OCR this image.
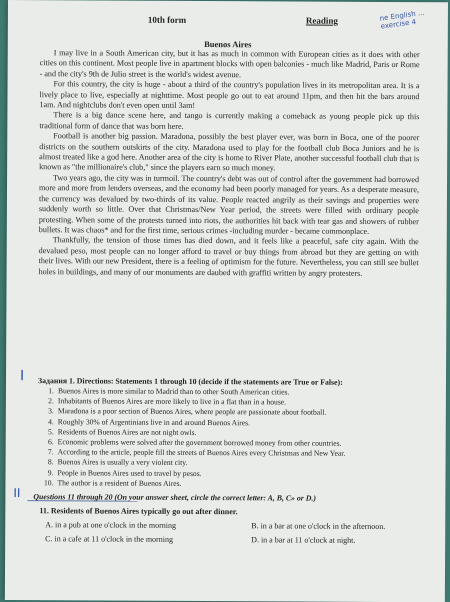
10th form	Reading	ne English ... exercise 4
Buenos Aires

I may live in a South American city, but it has as much in common with European cities as it does with other cities on this continent. Most people live in apartment blocks with open balconies - much like Madrid, Paris or Rome - and the city's 9th de Julio street is the world's widest avenue.

For this country, the city is huge - about a third of the country's population lives in its metropolitan area. It is a lively place to live, especially at nighttime. Most people go out to eat around 11pm, and then hit the bars around 1am. And nightclubs don't even open until 3am!

There is a big dance scene here, and tango is currently making a comeback as young people pick up this traditional form of dance that was born here.

Football is another big passion. Maradona, possibly the best player ever, was born in Boca, one of the poorer districts on the southern outskirts of the city. Maradona used to play for the football club Boca Juniors and he is almost treated like a god here. Another area of the city is home to River Plate, another successful football club that is known as "the millionaire's club," since the players earn so much money.

Two years ago, the city was in turmoil. The country's debt was out of control after the government had borrowed more and more from lenders overseas, and the economy had been poorly managed for years. As a desperate measure, the currency was devalued by two-thirds of its value. People reacted angrily as their savings and properties were suddenly worth so little. Over that Christmas/New Year period, the streets were filled with ordinary people protesting. When some of the protests turned into riots, the authorities hit back with tear gas and showers of rubber bullets. It was chaos* and for the first time, serious crimes -including murder - became commonplace.

Thankfully, the tension of those times has died down, and it feels like a peaceful, safe city again. With the devalued peso, most people can no longer afford to travel or buy things from abroad but they are getting on with their lives. With our new President, there is a feeling of optimism for the future. Nevertheless, you can still see bullet holes in buildings, and many of our monuments are daubed with graffiti written by angry protesters.

I Задания 1. Directions: Statements 1 through 10 (decide if the statements are True or False):
1. Buenos Aires is more similar to Madrid than to other South American cities.
2. Inhabitants of Buenos Aires are more likely to live in a flat than in a house.
3. Maradona is a poor section of Buenos Aires, where people are passionate about football.
4. Roughly 30% of Argentinians live in and around Buenos Aires.
5. Residents of Buenos Aires are not night owls.
6. Economic problems were solved after the government borrowed money from other countries.
7. According to the article, people fill the streets of Buenos Aires every Christmas and New Year.
8. Buenos Aires is usually a very violent city.
9. People in Buenos Aires used to travel by pesos.
10. The author is a resident of Buenos Aires.
II Questions 11 through 20 (On your answer sheet, circle the correct letter: A, B, C» or D.)
11. Residents of Buenos Aires typically go out after dinner.
A. in a pub at one o'clock in the morning	B. in a bar at one o'clock in the afternoon.
C. in a cafe at 11 o'clock in the morning	D. in a bar at 11 o'clock at night.
